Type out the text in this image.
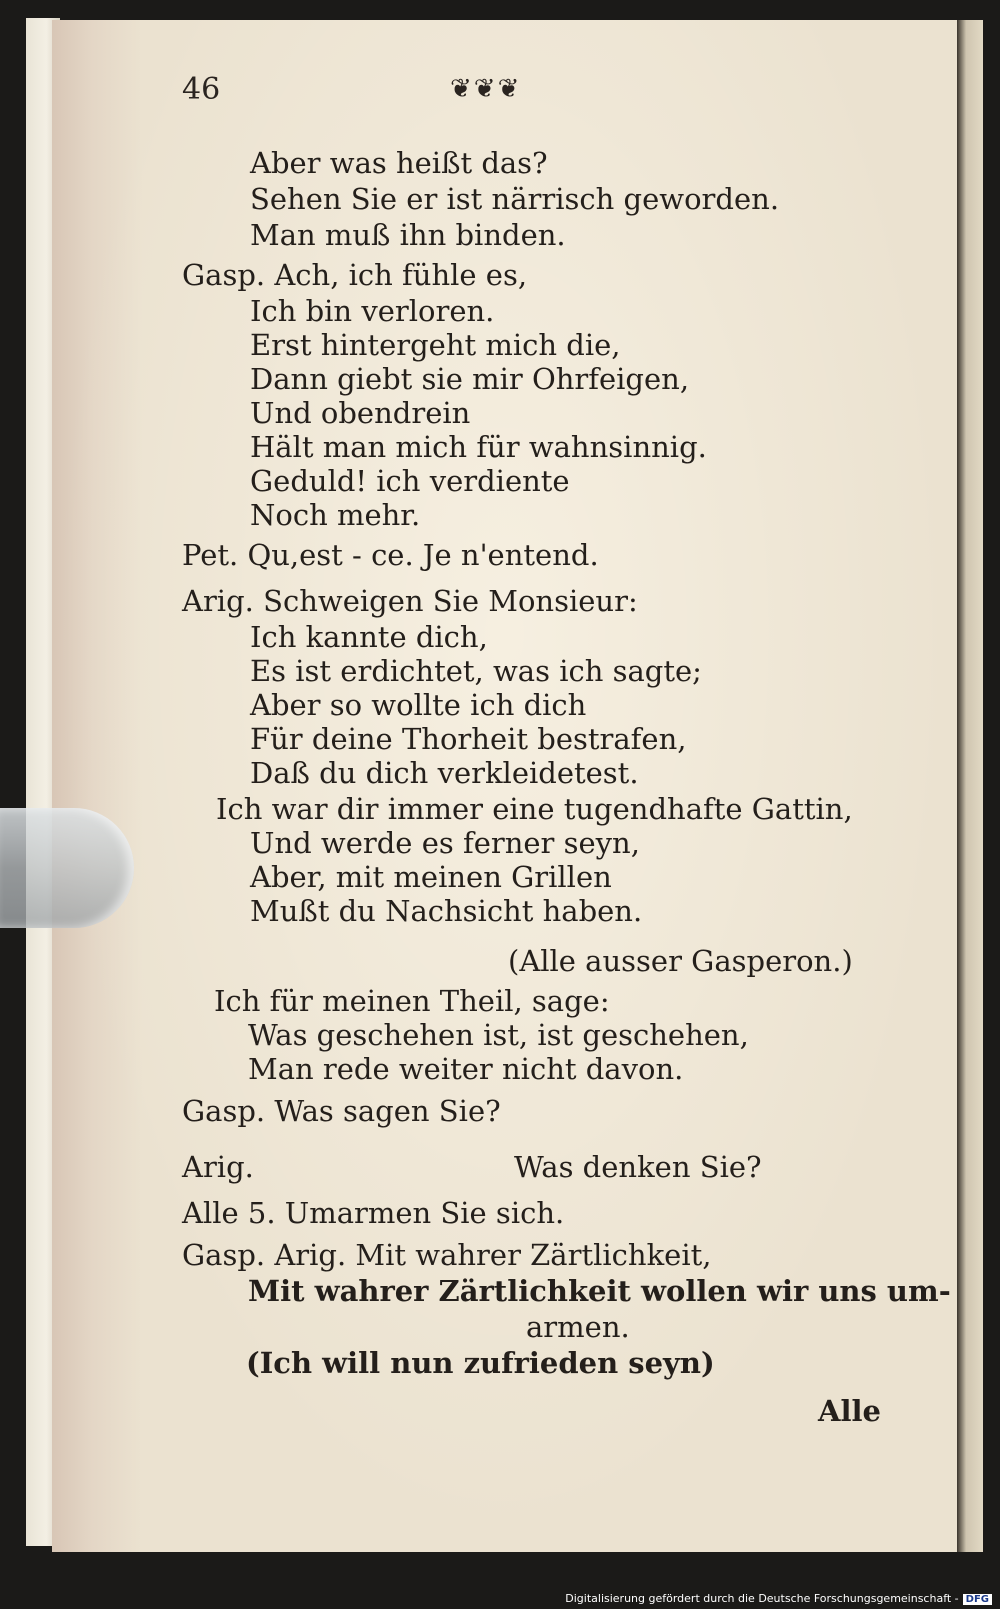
46	❦❦❦
Aber was heißt das?
Sehen Sie er ist närrisch geworden.
Man muß ihn binden.
Gasp. Ach, ich fühle es,
Ich bin verloren.
Erst hintergeht mich die,
Dann giebt sie mir Ohrfeigen,
Und obendrein
Hält man mich für wahnsinnig.
Geduld! ich verdiente
Noch mehr.
Pet. Qu,est - ce. Je n'entend.
Arig. Schweigen Sie Monsieur:
Ich kannte dich,
Es ist erdichtet, was ich sagte;
Aber so wollte ich dich
Für deine Thorheit bestrafen,
Daß du dich verkleidetest.
Ich war dir immer eine tugendhafte Gattin,
Und werde es ferner seyn,
Aber, mit meinen Grillen
Mußt du Nachsicht haben.
(Alle ausser Gasperon.)
Ich für meinen Theil, sage:
Was geschehen ist, ist geschehen,
Man rede weiter nicht davon.
Gasp. Was sagen Sie?
Arig.	Was denken Sie?
Alle 5. Umarmen Sie sich.
Gasp. Arig. Mit wahrer Zärtlichkeit,
Mit wahrer Zärtlichkeit wollen wir uns um-
armen.
(Ich will nun zufrieden seyn)
Alle
Digitalisierung gefördert durch die Deutsche Forschungsgemeinschaft - DFG
